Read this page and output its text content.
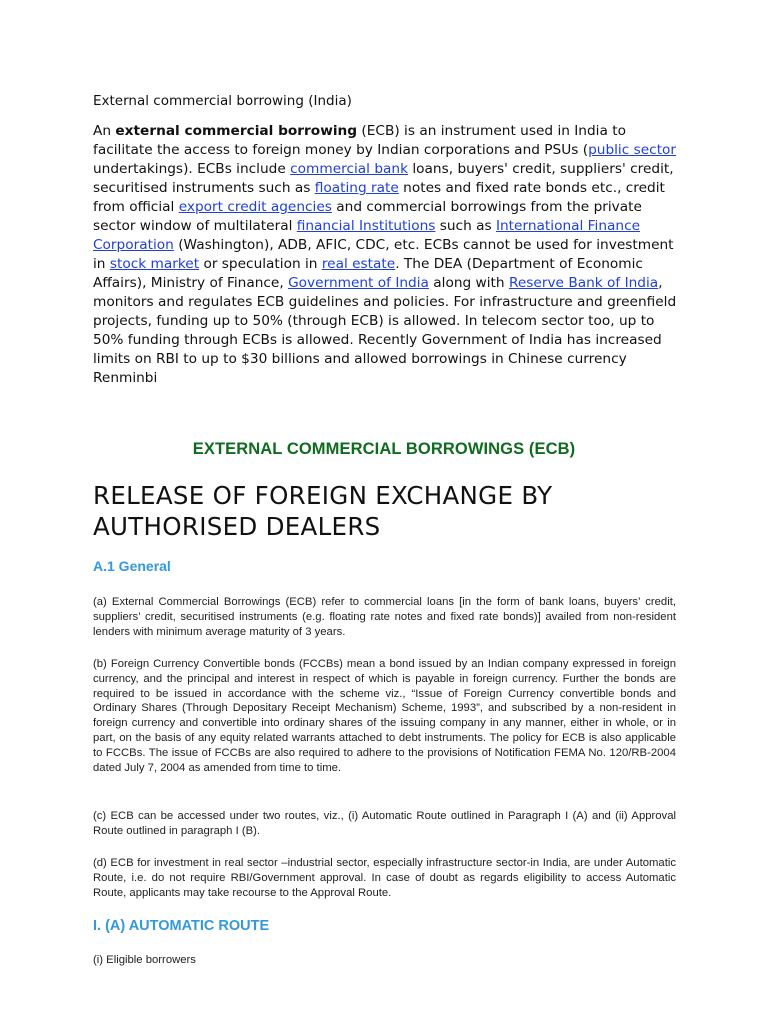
External commercial borrowing (India)

An external commercial borrowing (ECB) is an instrument used in India to facilitate the access to foreign money by Indian corporations and PSUs (public sector undertakings). ECBs include commercial bank loans, buyers' credit, suppliers' credit, securitised instruments such as floating rate notes and fixed rate bonds etc., credit from official export credit agencies and commercial borrowings from the private sector window of multilateral financial Institutions such as International Finance Corporation (Washington), ADB, AFIC, CDC, etc. ECBs cannot be used for investment in stock market or speculation in real estate. The DEA (Department of Economic Affairs), Ministry of Finance, Government of India along with Reserve Bank of India, monitors and regulates ECB guidelines and policies. For infrastructure and greenfield projects, funding up to 50% (through ECB) is allowed. In telecom sector too, up to 50% funding through ECBs is allowed. Recently Government of India has increased limits on RBI to up to $30 billions and allowed borrowings in Chinese currency Renminbi

EXTERNAL COMMERCIAL BORROWINGS (ECB)
RELEASE OF FOREIGN EXCHANGE BY AUTHORISED DEALERS
A.1 General

(a) External Commercial Borrowings (ECB) refer to commercial loans [in the form of bank loans, buyers’ credit, suppliers’ credit, securitised instruments (e.g. floating rate notes and fixed rate bonds)] availed from non-resident lenders with minimum average maturity of 3 years.

(b) Foreign Currency Convertible bonds (FCCBs) mean a bond issued by an Indian company expressed in foreign currency, and the principal and interest in respect of which is payable in foreign currency. Further the bonds are required to be issued in accordance with the scheme viz., “Issue of Foreign Currency convertible bonds and Ordinary Shares (Through Depositary Receipt Mechanism) Scheme, 1993”, and subscribed by a non-resident in foreign currency and convertible into ordinary shares of the issuing company in any manner, either in whole, or in part, on the basis of any equity related warrants attached to debt instruments. The policy for ECB is also applicable to FCCBs. The issue of FCCBs are also required to adhere to the provisions of Notification FEMA No. 120/RB-2004 dated July 7, 2004 as amended from time to time.

(c) ECB can be accessed under two routes, viz., (i) Automatic Route outlined in Paragraph I (A) and (ii) Approval Route outlined in paragraph I (B).

(d) ECB for investment in real sector –industrial sector, especially infrastructure sector-in India, are under Automatic Route, i.e. do not require RBI/Government approval. In case of doubt as regards eligibility to access Automatic Route, applicants may take recourse to the Approval Route.

I. (A) AUTOMATIC ROUTE

(i) Eligible borrowers
